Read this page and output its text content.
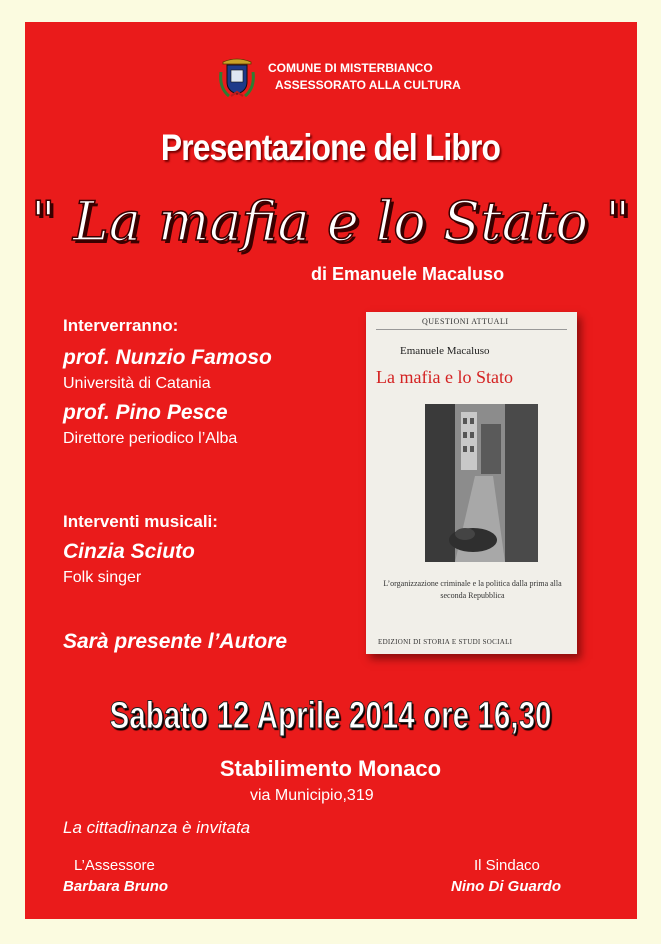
COMUNE DI MISTERBIANCO
ASSESSORATO ALLA CULTURA
Presentazione del Libro
" La mafia e lo Stato "
di Emanuele Macaluso
Interverranno:
prof. Nunzio Famoso
Università di Catania
prof. Pino Pesce
Direttore periodico l’Alba
Interventi musicali:
Cinzia Sciuto
Folk singer
Sarà presente l’Autore
QUESTIONI ATTUALI
Emanuele Macaluso
La mafia e lo Stato
L’organizzazione criminale e la politica dalla prima alla seconda Repubblica
EDIZIONI DI STORIA E STUDI SOCIALI
Sabato 12 Aprile 2014 ore 16,30
Stabilimento Monaco
via Municipio,319
La cittadinanza è invitata
L’Assessore
Barbara Bruno
Il Sindaco
Nino Di Guardo
